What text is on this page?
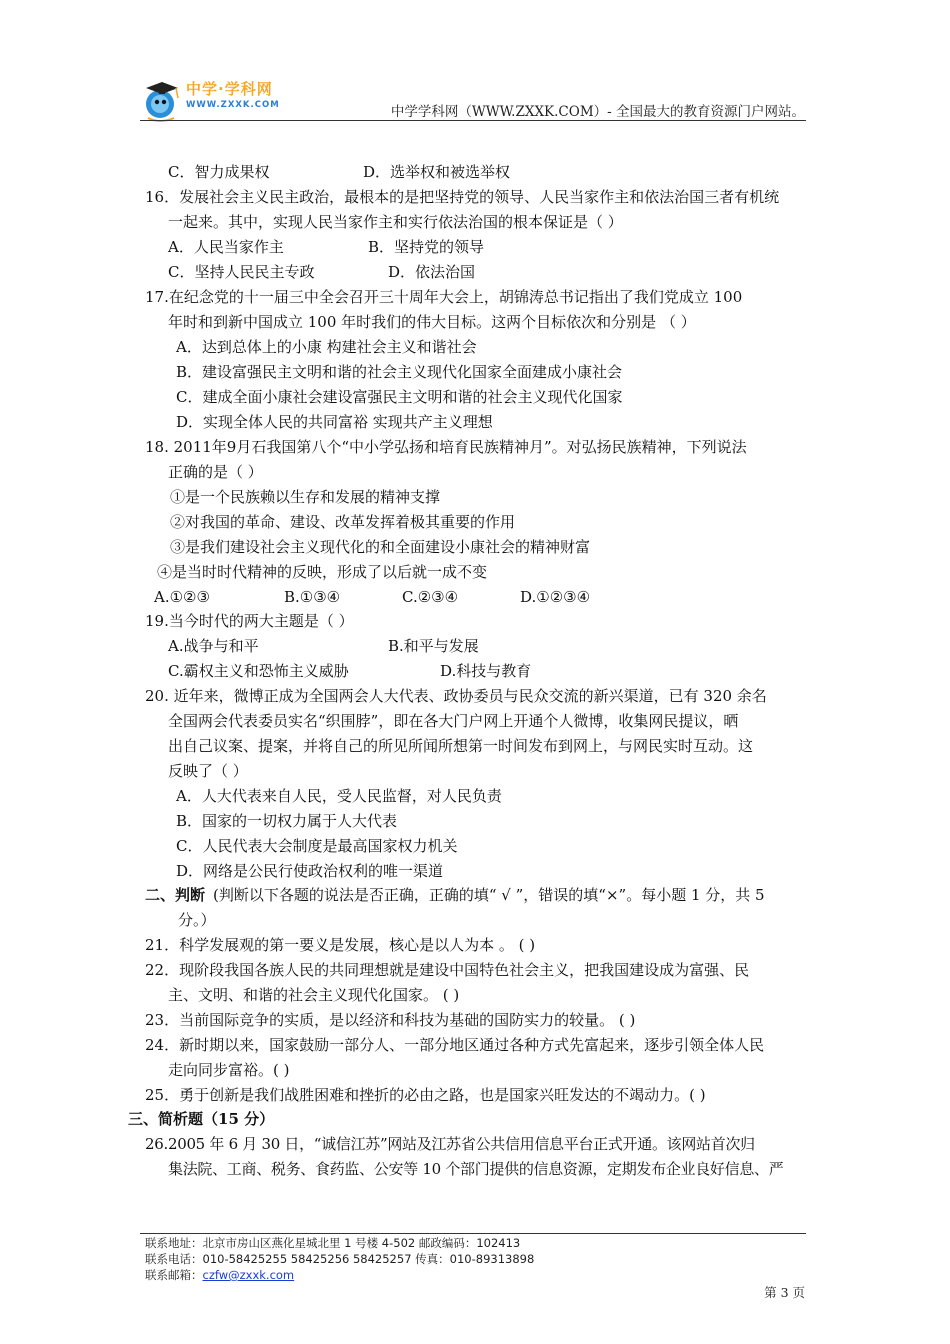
中学·学科网
WWW.ZXXK.COM	中学学科网（WWW.ZXXK.COM）- 全国最大的教育资源门户网站。
C．智力成果权	D．选举权和被选举权
16．发展社会主义民主政治，最根本的是把坚持党的领导、人民当家作主和依法治国三者有机统
一起来。其中，实现人民当家作主和实行依法治国的根本保证是（ ）
A．人民当家作主	B．坚持党的领导
C．坚持人民民主专政	D．依法治国
17.在纪念党的十一届三中全会召开三十周年大会上，胡锦涛总书记指出了我们党成立 100
年时和到新中国成立 100 年时我们的伟大目标。这两个目标依次和分别是 （ ）
A．达到总体上的小康 构建社会主义和谐社会
B．建设富强民主文明和谐的社会主义现代化国家全面建成小康社会
C．建成全面小康社会建设富强民主文明和谐的社会主义现代化国家
D．实现全体人民的共同富裕 实现共产主义理想
18. 2011年9月石我国第八个“中小学弘扬和培育民族精神月”。对弘扬民族精神，下列说法
正确的是（ ）
①是一个民族赖以生存和发展的精神支撑
②对我国的革命、建设、改革发挥着极其重要的作用
③是我们建设社会主义现代化的和全面建设小康社会的精神财富
④是当时时代精神的反映，形成了以后就一成不变
A.①②③	B.①③④	C.②③④	D.①②③④
19.当今时代的两大主题是（ ）
A.战争与和平	B.和平与发展
C.霸权主义和恐怖主义威胁	D.科技与教育
20. 近年来，微博正成为全国两会人大代表、政协委员与民众交流的新兴渠道，已有 320 余名
全国两会代表委员实名“织围脖”，即在各大门户网上开通个人微博，收集网民提议，晒
出自己议案、提案，并将自己的所见所闻所想第一时间发布到网上，与网民实时互动。这
反映了（ ）
A．人大代表来自人民，受人民监督，对人民负责
B．国家的一切权力属于人大代表
C．人民代表大会制度是最高国家权力机关
D．网络是公民行使政治权利的唯一渠道
二、判断 (判断以下各题的说法是否正确，正确的填“ √ ”，错误的填“×”。每小题 1 分，共 5
分。）
21．科学发展观的第一要义是发展，核心是以人为本 。 ( )
22．现阶段我国各族人民的共同理想就是建设中国特色社会主义，把我国建设成为富强、民
主、文明、和谐的社会主义现代化国家。 ( )
23．当前国际竞争的实质，是以经济和科技为基础的国防实力的较量。 ( )
24．新时期以来，国家鼓励一部分人、一部分地区通过各种方式先富起来，逐步引领全体人民
走向同步富裕。( )
25．勇于创新是我们战胜困难和挫折的必由之路，也是国家兴旺发达的不竭动力。( )
三、简析题（15 分）
26.2005 年 6 月 30 日，“诚信江苏”网站及江苏省公共信用信息平台正式开通。该网站首次归
集法院、工商、税务、食药监、公安等 10 个部门提供的信息资源，定期发布企业良好信息、严
联系地址：北京市房山区燕化星城北里 1 号楼 4-502 邮政编码：102413
联系电话：010-58425255 58425256 58425257 传真：010-89313898
联系邮箱：czfw@zxxk.com
第 3 页
